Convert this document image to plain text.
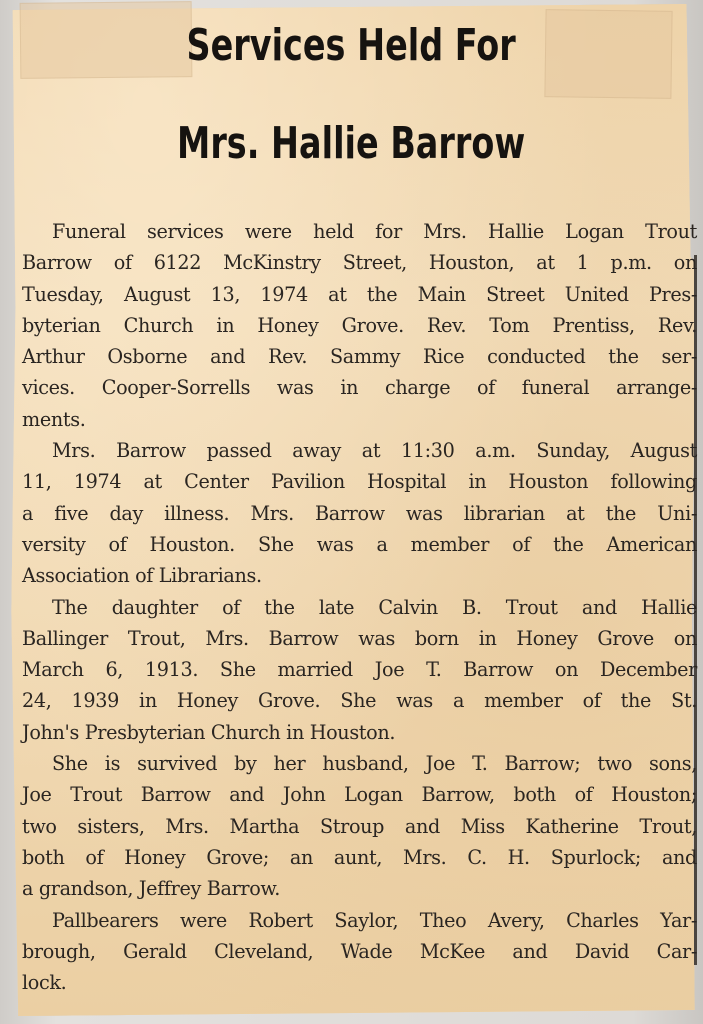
Services Held For
Mrs. Hallie Barrow
Funeral services were held for Mrs. Hallie Logan Trout
Barrow of 6122 McKinstry Street, Houston, at 1 p.m. on
Tuesday, August 13, 1974 at the Main Street United Pres-
byterian Church in Honey Grove. Rev. Tom Prentiss, Rev.
Arthur Osborne and Rev. Sammy Rice conducted the ser-
vices. Cooper-Sorrells was in charge of funeral arrange-
ments.
Mrs. Barrow passed away at 11:30 a.m. Sunday, August
11, 1974 at Center Pavilion Hospital in Houston following
a five day illness. Mrs. Barrow was librarian at the Uni-
versity of Houston. She was a member of the American
Association of Librarians.
The daughter of the late Calvin B. Trout and Hallie
Ballinger Trout, Mrs. Barrow was born in Honey Grove on
March 6, 1913. She married Joe T. Barrow on December
24, 1939 in Honey Grove. She was a member of the St.
John's Presbyterian Church in Houston.
She is survived by her husband, Joe T. Barrow; two sons,
Joe Trout Barrow and John Logan Barrow, both of Houston;
two sisters, Mrs. Martha Stroup and Miss Katherine Trout,
both of Honey Grove; an aunt, Mrs. C. H. Spurlock; and
a grandson, Jeffrey Barrow.
Pallbearers were Robert Saylor, Theo Avery, Charles Yar-
brough, Gerald Cleveland, Wade McKee and David Car-
lock.
